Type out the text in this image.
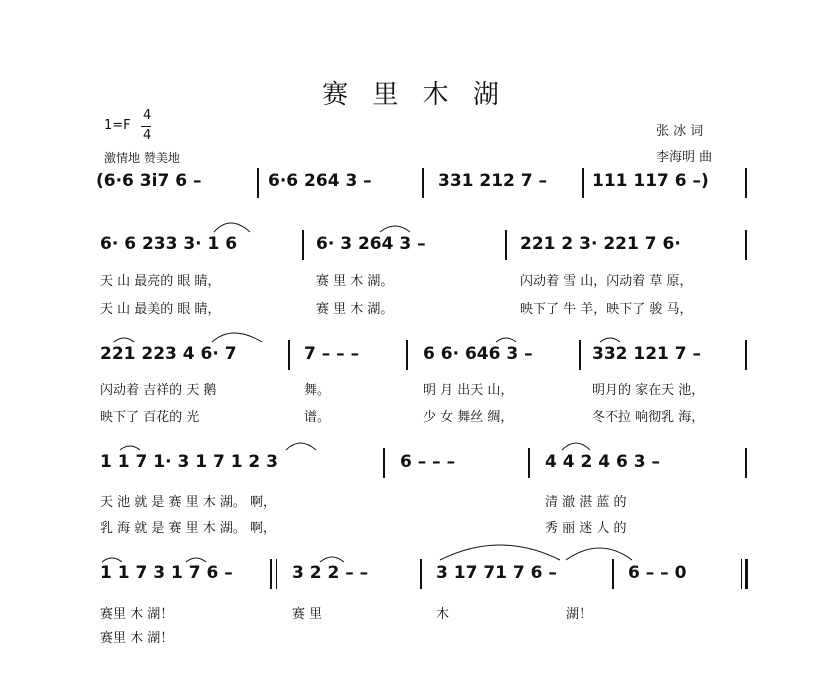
赛 里 木 湖
1=F
4
4
激情地 赞美地
张 冰 词
李海明 曲
(6·6 3i7 6 –	6·6 264 3 –	331 212 7 –	111 117 6 –)
6· 6 233 3· 1 6	6· 3 264 3 –	221 2 3· 221 7 6·
天 山 最亮的 眼 睛，	赛 里 木 湖。	闪动着 雪 山，闪动着 草 原，
天 山 最美的 眼 睛，	赛 里 木 湖。	映下了 牛 羊，映下了 骏 马，
221 223 4 6· 7	7 – – –	6 6· 646 3 –	332 121 7 –
闪动着 吉祥的 天 鹅	舞。	明 月 出天 山，	明月的 家在天 池，
映下了 百花的 光	谱。	少 女 舞丝 绸，	冬不拉 响彻乳 海，
1 1 7 1· 3 1 7 1 2 3	6 – – –	4 4 2 4 6 3 –
天 池 就 是 赛 里 木 湖。 啊，	清 澈 湛 蓝 的
乳 海 就 是 赛 里 木 湖。 啊，	秀 丽 迷 人 的
1 1 7 3 1 7 6 –	3 2 2 – –	3 17 71 7 6 –	6 – – 0
赛里 木 湖！	赛 里	木	湖！
赛里 木 湖！
